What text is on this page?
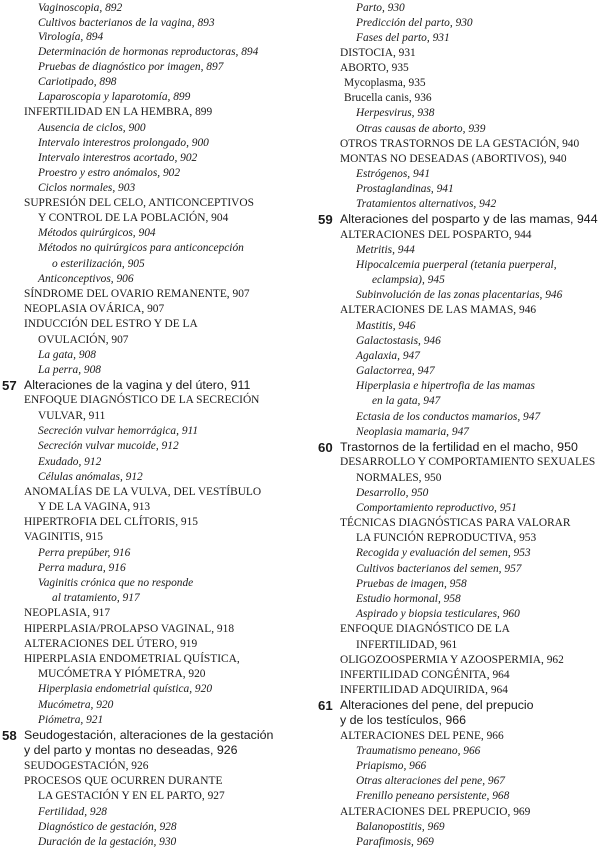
Vaginoscopia, 892
Cultivos bacterianos de la vagina, 893
Virología, 894
Determinación de hormonas reproductoras, 894
Pruebas de diagnóstico por imagen, 897
Cariotipado, 898
Laparoscopia y laparotomía, 899
INFERTILIDAD EN LA HEMBRA, 899
Ausencia de ciclos, 900
Intervalo interestros prolongado, 900
Intervalo interestros acortado, 902
Proestro y estro anómalos, 902
Ciclos normales, 903
SUPRESIÓN DEL CELO, ANTICONCEPTIVOS
Y CONTROL DE LA POBLACIÓN, 904
Métodos quirúrgicos, 904
Métodos no quirúrgicos para anticoncepción
o esterilización, 905
Anticonceptivos, 906
SÍNDROME DEL OVARIO REMANENTE, 907
NEOPLASIA OVÁRICA, 907
INDUCCIÓN DEL ESTRO Y DE LA
OVULACIÓN, 907
La gata, 908
La perra, 908
57 Alteraciones de la vagina y del útero, 911
ENFOQUE DIAGNÓSTICO DE LA SECRECIÓN
VULVAR, 911
Secreción vulvar hemorrágica, 911
Secreción vulvar mucoide, 912
Exudado, 912
Células anómalas, 912
ANOMALÍAS DE LA VULVA, DEL VESTÍBULO
Y DE LA VAGINA, 913
HIPERTROFIA DEL CLÍTORIS, 915
VAGINITIS, 915
Perra prepúber, 916
Perra madura, 916
Vaginitis crónica que no responde
al tratamiento, 917
NEOPLASIA, 917
HIPERPLASIA/PROLAPSO VAGINAL, 918
ALTERACIONES DEL ÚTERO, 919
HIPERPLASIA ENDOMETRIAL QUÍSTICA,
MUCÓMETRA Y PIÓMETRA, 920
Hiperplasia endometrial quística, 920
Mucómetra, 920
Piómetra, 921
58 Seudogestación, alteraciones de la gestación
y del parto y montas no deseadas, 926
SEUDOGESTACIÓN, 926
PROCESOS QUE OCURREN DURANTE
LA GESTACIÓN Y EN EL PARTO, 927
Fertilidad, 928
Diagnóstico de gestación, 928
Duración de la gestación, 930
Parto, 930
Predicción del parto, 930
Fases del parto, 931
DISTOCIA, 931
ABORTO, 935
Mycoplasma, 935
Brucella canis, 936
Herpesvirus, 938
Otras causas de aborto, 939
OTROS TRASTORNOS DE LA GESTACIÓN, 940
MONTAS NO DESEADAS (ABORTIVOS), 940
Estrógenos, 941
Prostaglandinas, 941
Tratamientos alternativos, 942
59 Alteraciones del posparto y de las mamas, 944
ALTERACIONES DEL POSPARTO, 944
Metritis, 944
Hipocalcemia puerperal (tetania puerperal,
eclampsia), 945
Subinvolución de las zonas placentarias, 946
ALTERACIONES DE LAS MAMAS, 946
Mastitis, 946
Galactostasis, 946
Agalaxia, 947
Galactorrea, 947
Hiperplasia e hipertrofia de las mamas
en la gata, 947
Ectasia de los conductos mamarios, 947
Neoplasia mamaria, 947
60 Trastornos de la fertilidad en el macho, 950
DESARROLLO Y COMPORTAMIENTO SEXUALES
NORMALES, 950
Desarrollo, 950
Comportamiento reproductivo, 951
TÉCNICAS DIAGNÓSTICAS PARA VALORAR
LA FUNCIÓN REPRODUCTIVA, 953
Recogida y evaluación del semen, 953
Cultivos bacterianos del semen, 957
Pruebas de imagen, 958
Estudio hormonal, 958
Aspirado y biopsia testiculares, 960
ENFOQUE DIAGNÓSTICO DE LA
INFERTILIDAD, 961
OLIGOZOOSPERMIA Y AZOOSPERMIA, 962
INFERTILIDAD CONGÉNITA, 964
INFERTILIDAD ADQUIRIDA, 964
61 Alteraciones del pene, del prepucio
y de los testículos, 966
ALTERACIONES DEL PENE, 966
Traumatismo peneano, 966
Priapismo, 966
Otras alteraciones del pene, 967
Frenillo peneano persistente, 968
ALTERACIONES DEL PREPUCIO, 969
Balanopostitis, 969
Parafimosis, 969
